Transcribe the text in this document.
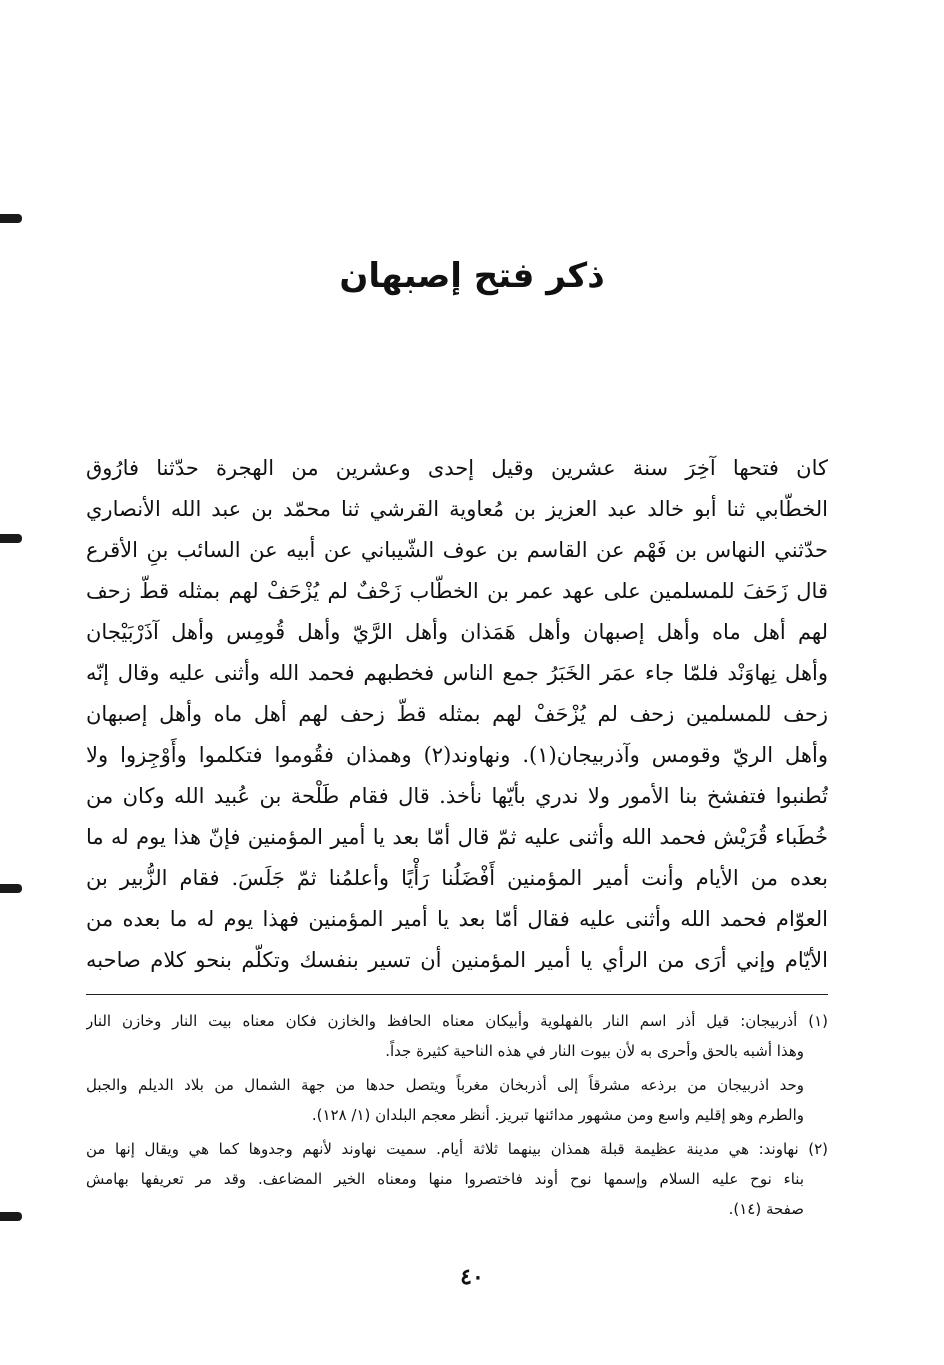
ذكر فتح إصبهان
كان فتحها آخِرَ سنة عشرين وقيل إحدى وعشرين من الهجرة حدّثنا فارُوق
الخطّابي ثنا أبو خالد عبد العزيز بن مُعاوية القرشي ثنا محمّد بن عبد الله الأنصاري
حدّثني النهاس بن فَهْم عن القاسم بن عوف الشّيباني عن أبيه عن السائب بنِ الأقرع
قال زَحَفَ للمسلمين على عهد عمر بن الخطّاب زَحْفٌ لم يُزْحَفْ لهم بمثله قطّ زحف
لهم أهل ماه وأهل إصبهان وأهل هَمَذان وأهل الرَّيّ وأهل قُومِس وأهل آذَرْبَيْجان
وأهل نِهاوَنْد فلمّا جاء عمَر الخَبَرُ جمع الناس فخطبهم فحمد الله وأثنى عليه وقال إنّه
زحف للمسلمين زحف لم يُزْحَفْ لهم بمثله قطّ زحف لهم أهل ماه وأهل إصبهان
وأهل الريّ وقومس وآذربيجان(١). ونهاوند(٢) وهمذان فقُوموا فتكلموا وأَوْجِزوا ولا
تُطنبوا فتفشخ بنا الأمور ولا ندري بأيّها نأخذ. قال فقام طَلْحة بن عُبيد الله وكان من
خُطَباء قُرَيْش فحمد الله وأثنى عليه ثمّ قال أمّا بعد يا أمير المؤمنين فإنّ هذا يوم له ما
بعده من الأيام وأنت أمير المؤمنين أَفْضَلُنا رَأْيًا وأعلمُنا ثمّ جَلَسَ. فقام الزُّبير بن
العوّام فحمد الله وأثنى عليه فقال أمّا بعد يا أمير المؤمنين فهذا يوم له ما بعده من
الأيّام وإني أرَى من الرأي يا أمير المؤمنين أن تسير بنفسك وتكلّم بنحو كلام صاحبه
(١) أذربيجان: قيل أذر اسم النار بالفهلوية وأبيكان معناه الحافظ والخازن فكان معناه بيت النار وخازن النار
وهذا أشبه بالحق وأحرى به لأن بيوت النار في هذه الناحية كثيرة جداً.
وحد اذربيجان من برذعه مشرقاً إلى أذربخان مغرباً ويتصل حدها من جهة الشمال من بلاد الديلم والجبل
والطرم وهو إقليم واسع ومن مشهور مدائنها تبريز. أنظر معجم البلدان (١/ ١٢٨).
(٢) نهاوند: هي مدينة عظيمة قبلة همذان بينهما ثلاثة أيام. سميت نهاوند لأنهم وجدوها كما هي ويقال إنها من
بناء نوح عليه السلام وإسمها نوح أوند فاختصروا منها ومعناه الخير المضاعف. وقد مر تعريفها بهامش
صفحة (١٤).
٤٠
